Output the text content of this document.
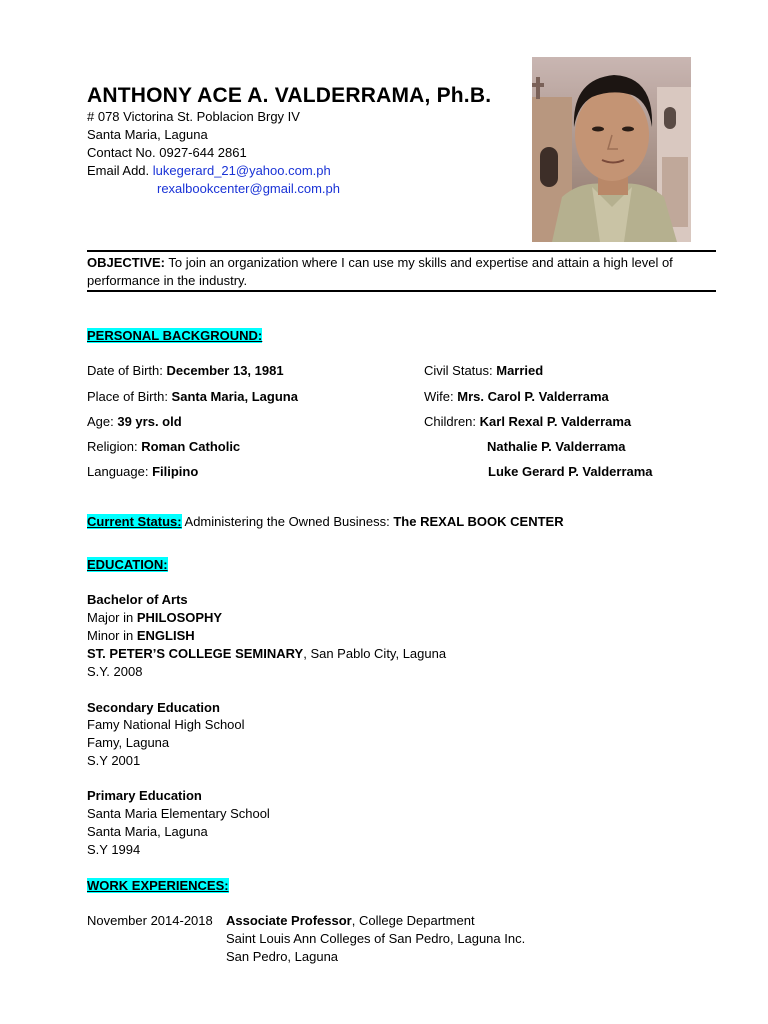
ANTHONY ACE A. VALDERRAMA, Ph.B.
# 078 Victorina St. Poblacion Brgy IV
Santa Maria, Laguna
Contact No. 0927-644 2861
Email Add. lukegerard_21@yahoo.com.ph
rexalbookcenter@gmail.com.ph
OBJECTIVE: To join an organization where I can use my skills and expertise and attain a high level of performance in the industry.
PERSONAL BACKGROUND:
Date of Birth: December 13, 1981
Place of Birth: Santa Maria, Laguna
Age: 39 yrs. old
Religion: Roman Catholic
Language: Filipino
Civil Status: Married
Wife: Mrs. Carol P. Valderrama
Children: Karl Rexal P. Valderrama
Nathalie P. Valderrama
Luke Gerard P. Valderrama
Current Status: Administering the Owned Business: The REXAL BOOK CENTER
EDUCATION:
Bachelor of Arts
Major in PHILOSOPHY
Minor in ENGLISH
ST. PETER’S COLLEGE SEMINARY, San Pablo City, Laguna
S.Y. 2008
Secondary Education
Famy National High School
Famy, Laguna
S.Y 2001
Primary Education
Santa Maria Elementary School
Santa Maria, Laguna
S.Y 1994
WORK EXPERIENCES:
November 2014-2018 Associate Professor, College Department
Saint Louis Ann Colleges of San Pedro, Laguna Inc.
San Pedro, Laguna
